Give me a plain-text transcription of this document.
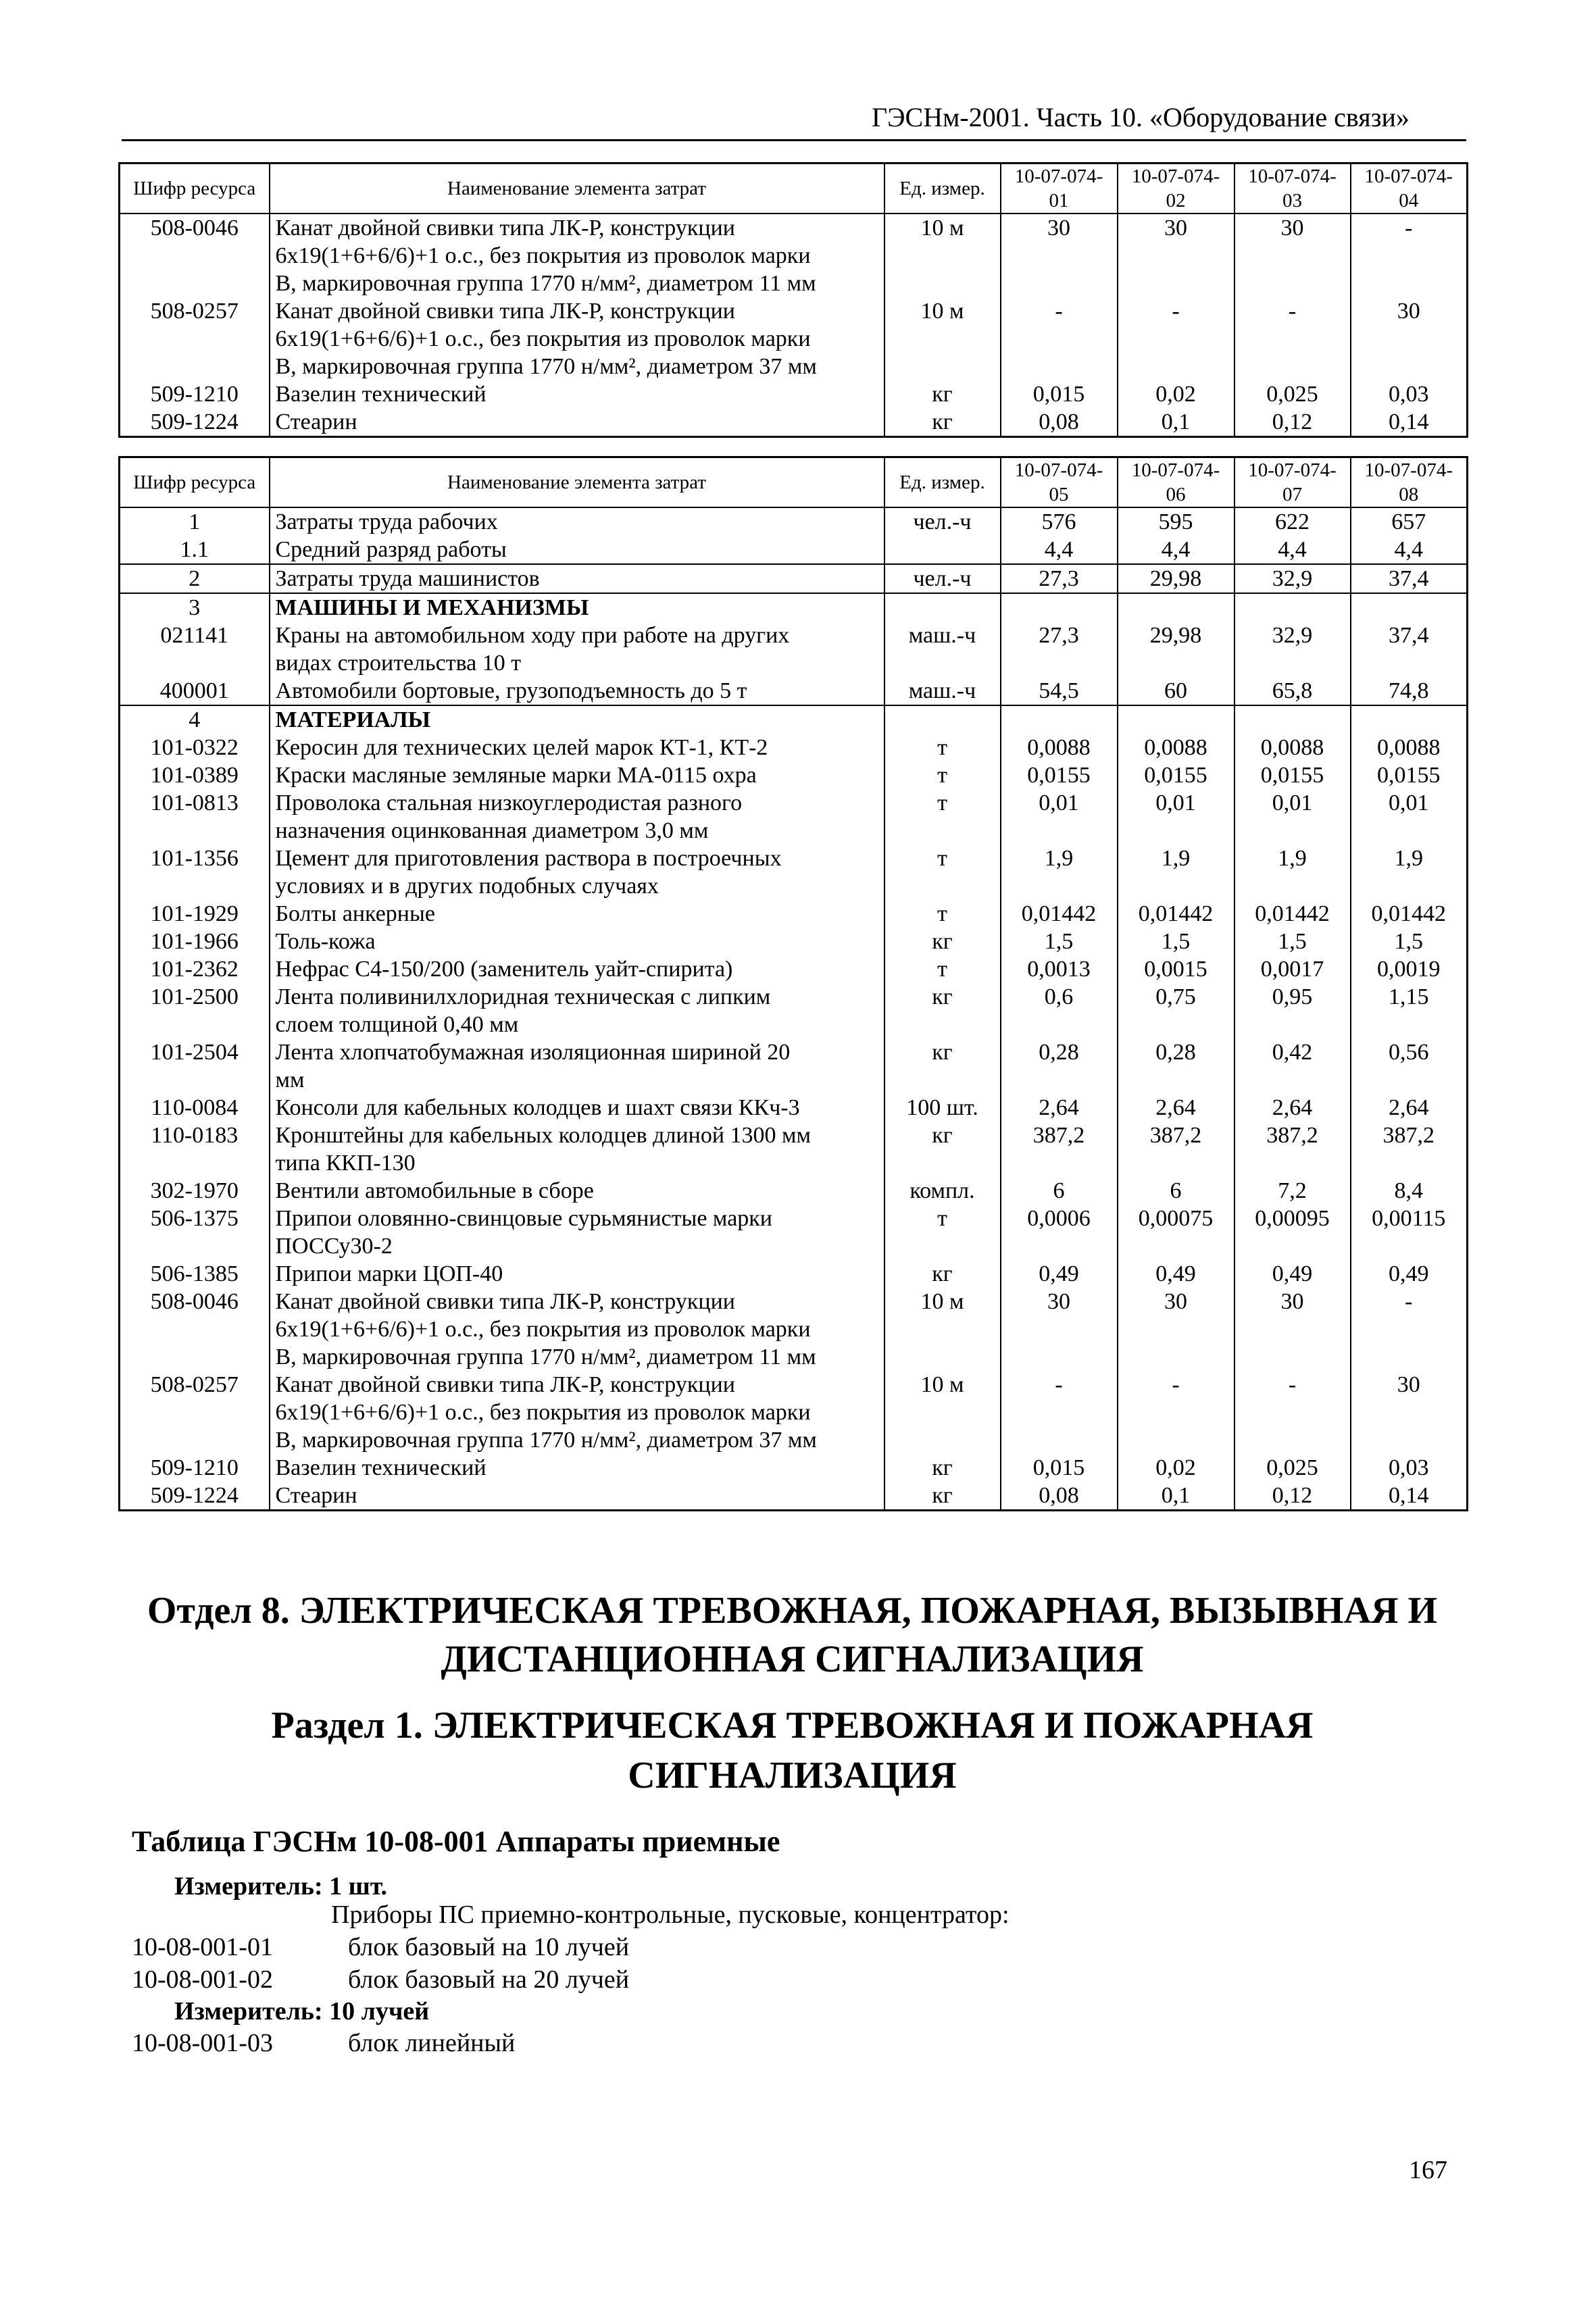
ГЭСНм-2001. Часть 10. «Оборудование связи»
Шифр ресурса	Наименование элемента затрат	Ед. измер.	10-07-074-01	10-07-074-02	10-07-074-03	10-07-074-04
508-0046	Канат двойной свивки типа ЛК-Р, конструкции
6х19(1+6+6/6)+1 о.с., без покрытия из проволок марки
В, маркировочная группа 1770 н/мм², диаметром 11 мм	10 м	30	30	30	-
508-0257	Канат двойной свивки типа ЛК-Р, конструкции
6х19(1+6+6/6)+1 о.с., без покрытия из проволок марки
В, маркировочная группа 1770 н/мм², диаметром 37 мм	10 м	-	-	-	30
509-1210	Вазелин технический	кг	0,015	0,02	0,025	0,03
509-1224	Стеарин	кг	0,08	0,1	0,12	0,14
Шифр ресурса	Наименование элемента затрат	Ед. измер.	10-07-074-05	10-07-074-06	10-07-074-07	10-07-074-08
1	Затраты труда рабочих	чел.-ч	576	595	622	657
1.1	Средний разряд работы		4,4	4,4	4,4	4,4
2	Затраты труда машинистов	чел.-ч	27,3	29,98	32,9	37,4
3	МАШИНЫ И МЕХАНИЗМЫ					

021141	Краны на автомобильном ходу при работе на других
видах строительства 10 т	маш.-ч	27,3	29,98	32,9	37,4
400001	Автомобили бортовые, грузоподъемность до 5 т	маш.-ч	54,5	60	65,8	74,8
4	МАТЕРИАЛЫ					

101-0322	Керосин для технических целей марок КТ-1, КТ-2	т	0,0088	0,0088	0,0088	0,0088
101-0389	Краски масляные земляные марки МА-0115 охра	т	0,0155	0,0155	0,0155	0,0155
101-0813	Проволока стальная низкоуглеродистая разного
назначения оцинкованная диаметром 3,0 мм	т	0,01	0,01	0,01	0,01
101-1356	Цемент для приготовления раствора в построечных
условиях и в других подобных случаях	т	1,9	1,9	1,9	1,9
101-1929	Болты анкерные	т	0,01442	0,01442	0,01442	0,01442
101-1966	Толь-кожа	кг	1,5	1,5	1,5	1,5
101-2362	Нефрас С4-150/200 (заменитель уайт-спирита)	т	0,0013	0,0015	0,0017	0,0019
101-2500	Лента поливинилхлоридная техническая с липким
слоем толщиной 0,40 мм	кг	0,6	0,75	0,95	1,15
101-2504	Лента хлопчатобумажная изоляционная шириной 20
мм	кг	0,28	0,28	0,42	0,56
110-0084	Консоли для кабельных колодцев и шахт связи ККч-3	100 шт.	2,64	2,64	2,64	2,64
110-0183	Кронштейны для кабельных колодцев длиной 1300 мм
типа ККП-130	кг	387,2	387,2	387,2	387,2
302-1970	Вентили автомобильные в сборе	компл.	6	6	7,2	8,4
506-1375	Припои оловянно-свинцовые сурьмянистые марки
ПОССу30-2	т	0,0006	0,00075	0,00095	0,00115
506-1385	Припои марки ЦОП-40	кг	0,49	0,49	0,49	0,49
508-0046	Канат двойной свивки типа ЛК-Р, конструкции
6х19(1+6+6/6)+1 о.с., без покрытия из проволок марки
В, маркировочная группа 1770 н/мм², диаметром 11 мм	10 м	30	30	30	-
508-0257	Канат двойной свивки типа ЛК-Р, конструкции
6х19(1+6+6/6)+1 о.с., без покрытия из проволок марки
В, маркировочная группа 1770 н/мм², диаметром 37 мм	10 м	-	-	-	30
509-1210	Вазелин технический	кг	0,015	0,02	0,025	0,03
509-1224	Стеарин	кг	0,08	0,1	0,12	0,14
Отдел 8. ЭЛЕКТРИЧЕСКАЯ ТРЕВОЖНАЯ, ПОЖАРНАЯ, ВЫЗЫВНАЯ И
ДИСТАНЦИОННАЯ СИГНАЛИЗАЦИЯ
Раздел 1. ЭЛЕКТРИЧЕСКАЯ ТРЕВОЖНАЯ И ПОЖАРНАЯ
СИГНАЛИЗАЦИЯ
Таблица ГЭСНм 10-08-001 Аппараты приемные
Измеритель: 1 шт.
Приборы ПС приемно-контрольные, пусковые, концентратор:
10-08-001-01	блок базовый на 10 лучей
10-08-001-02	блок базовый на 20 лучей
Измеритель: 10 лучей
10-08-001-03	блок линейный
167
